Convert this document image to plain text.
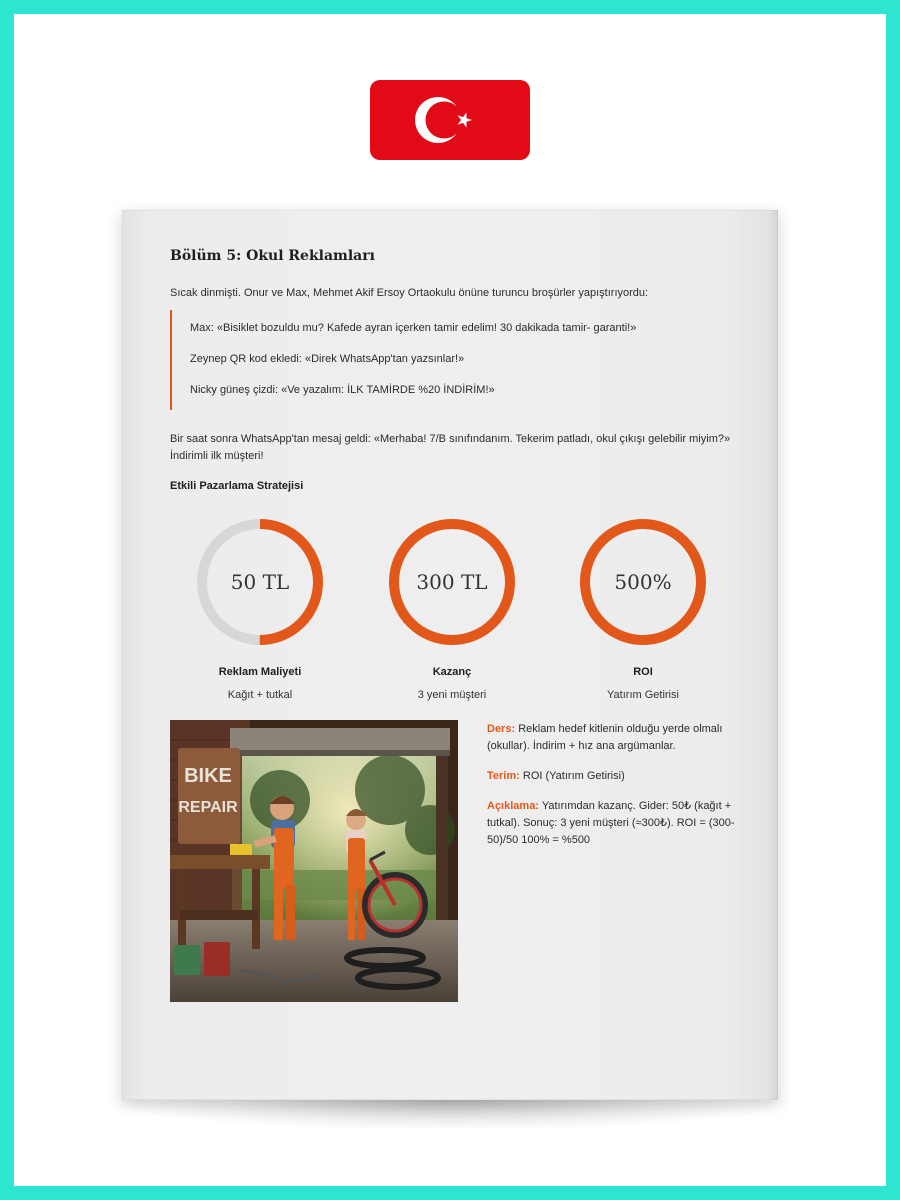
Bölüm 5: Okul Reklamları
Sıcak dinmişti. Onur ve Max, Mehmet Akif Ersoy Ortaokulu önüne turuncu broşürler yapıştırıyordu:
Max: «Bisiklet bozuldu mu? Kafede ayran içerken tamir edelim! 30 dakikada tamir- garanti!»
Zeynep QR kod ekledi: «Direk WhatsApp'tan yazsınlar!»
Nicky güneş çizdi: «Ve yazalım: İLK TAMİRDE %20 İNDİRİM!»
Bir saat sonra WhatsApp'tan mesaj geldi: «Merhaba! 7/B sınıfındanım. Tekerim patladı, okul çıkışı gelebilir miyim?» İndirimli ilk müşteri!
Etkili Pazarlama Stratejisi
50 TL
Reklam Maliyeti
Kağıt + tutkal
300 TL
Kazanç
3 yeni müşteri
500%
ROI
Yatırım Getirisi
BIKE
REPAIR
Ders: Reklam hedef kitlenin olduğu yerde olmalı (okullar). İndirim + hız ana argümanlar.
Terim: ROI (Yatırım Getirisi)
Açıklama: Yatırımdan kazanç. Gider: 50₺ (kağıt + tutkal). Sonuç: 3 yeni müşteri (≈300₺). ROI = (300-50)/50 100% = %500
